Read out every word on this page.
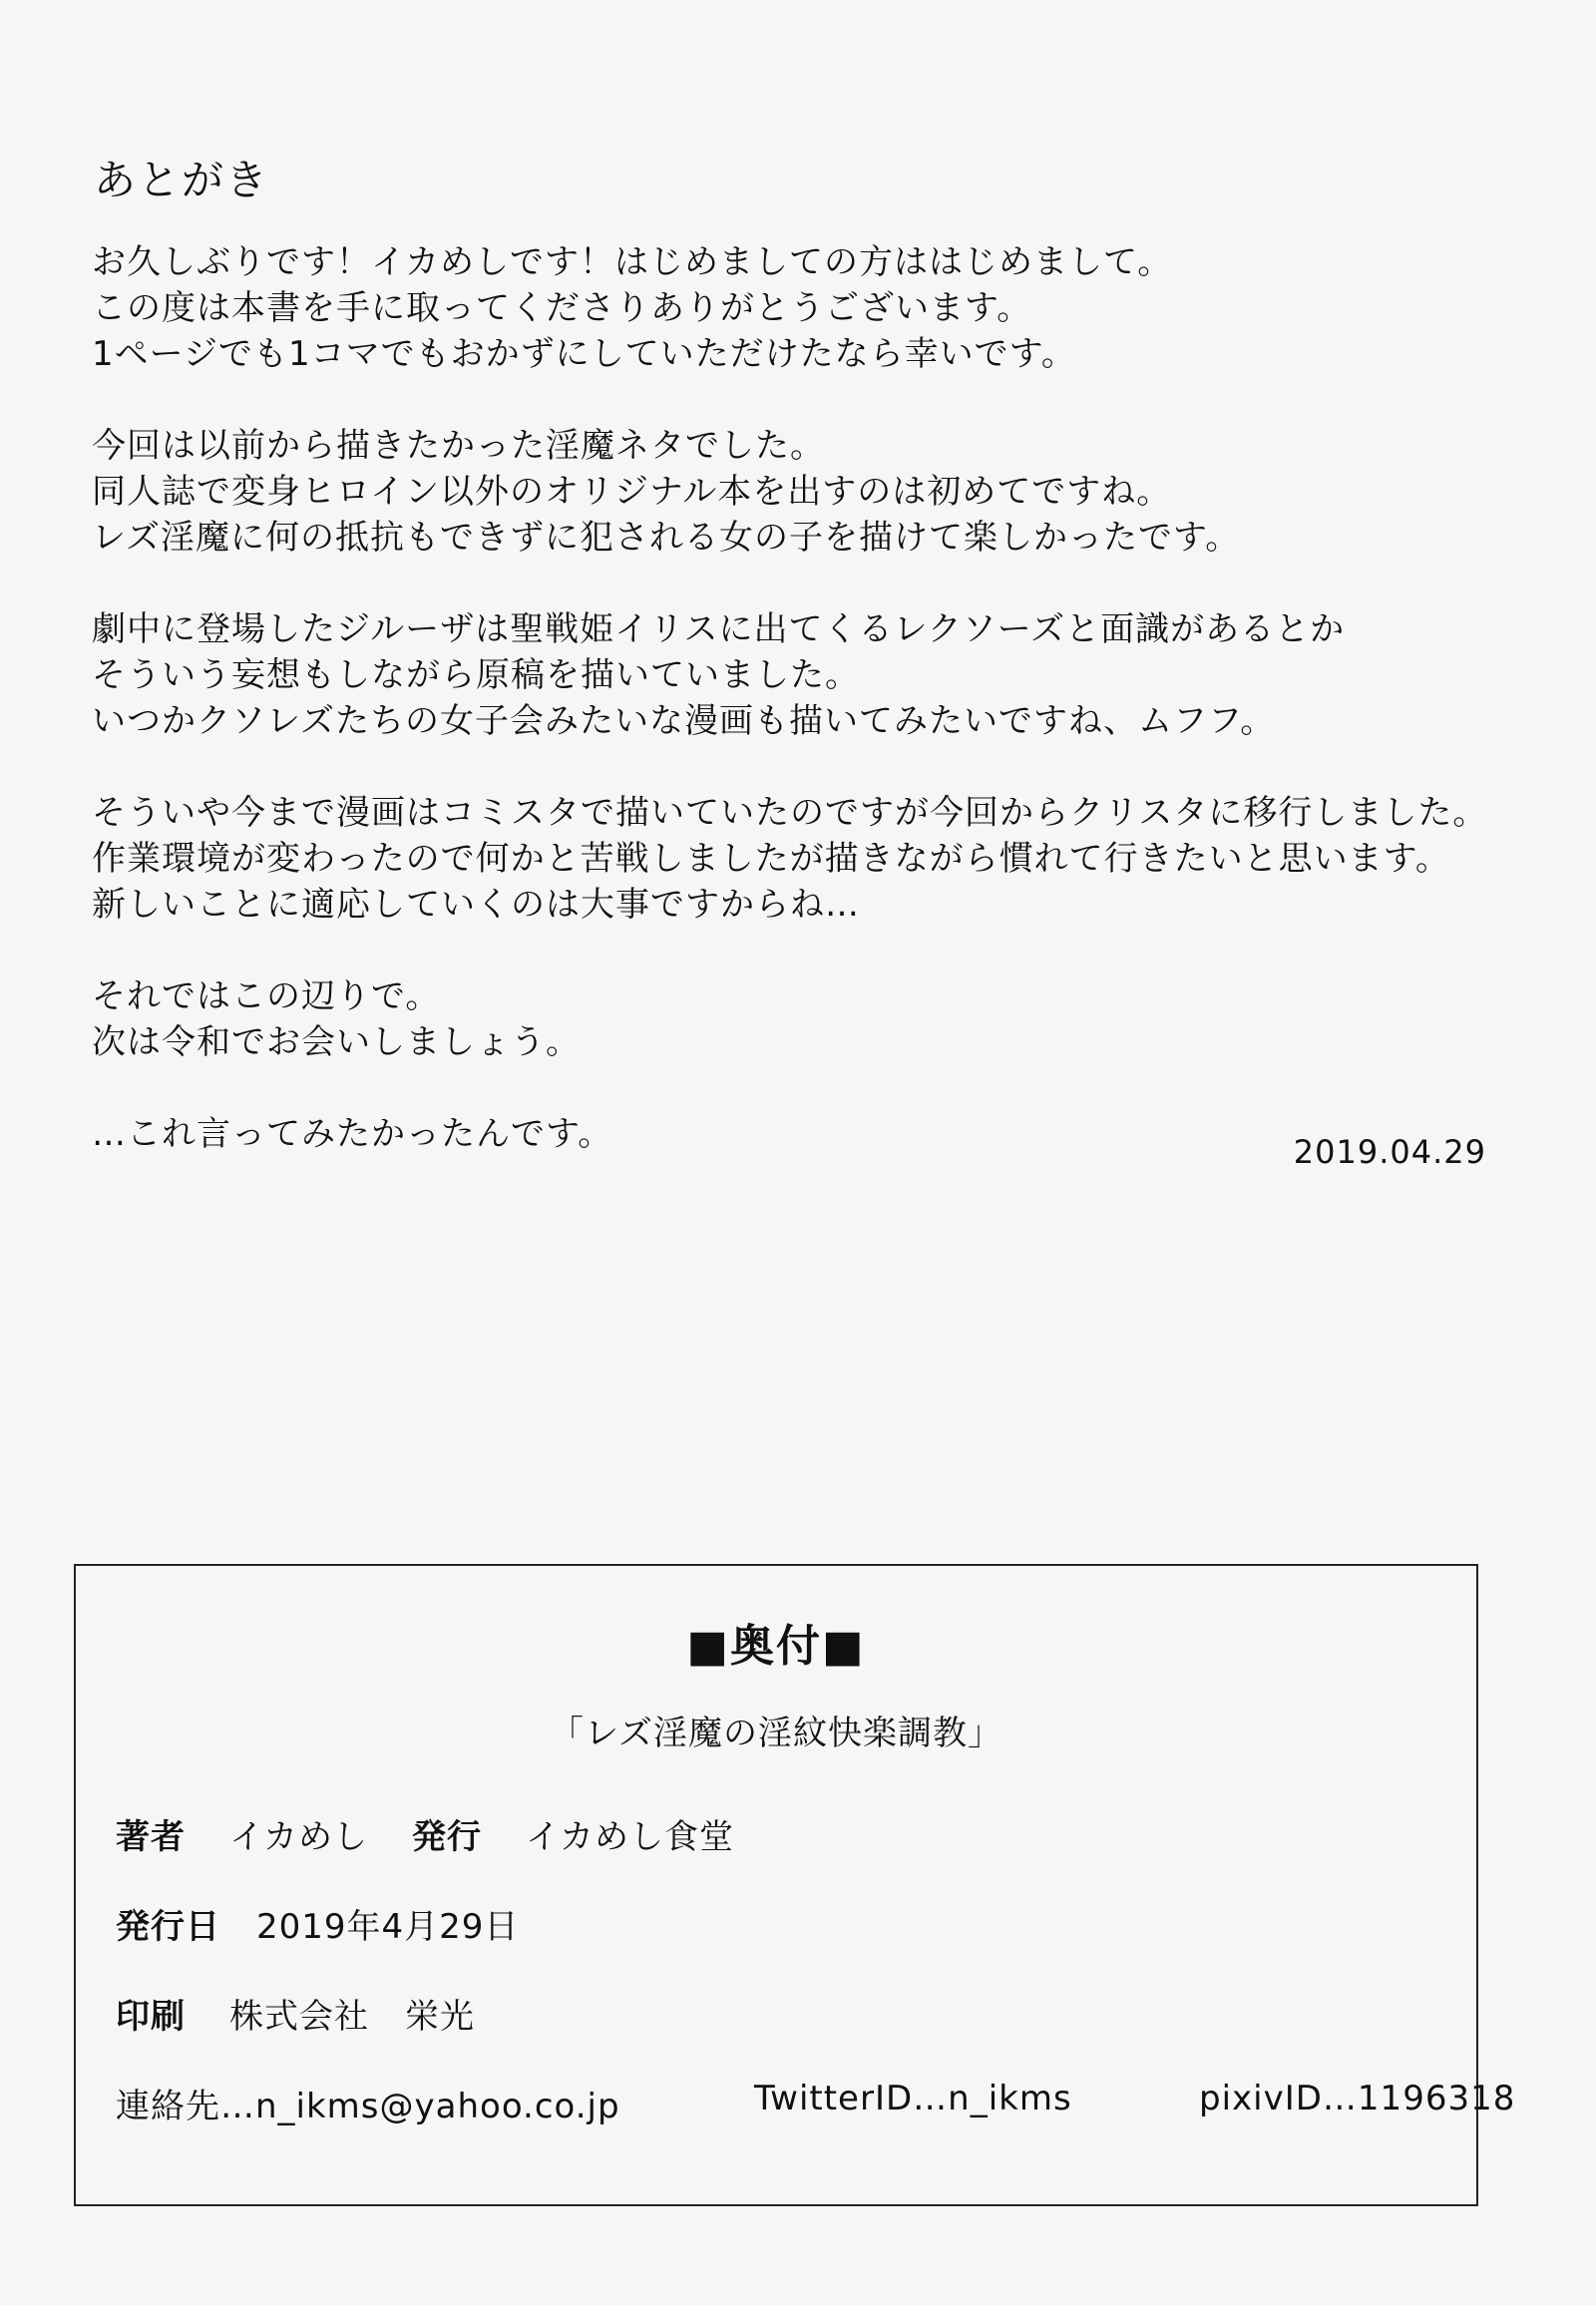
あとがき
お久しぶりです！イカめしです！はじめましての方ははじめまして。
この度は本書を手に取ってくださりありがとうございます。
1ページでも1コマでもおかずにしていただけたなら幸いです。
今回は以前から描きたかった淫魔ネタでした。
同人誌で変身ヒロイン以外のオリジナル本を出すのは初めてですね。
レズ淫魔に何の抵抗もできずに犯される女の子を描けて楽しかったです。
劇中に登場したジルーザは聖戦姫イリスに出てくるレクソーズと面識があるとか
そういう妄想もしながら原稿を描いていました。
いつかクソレズたちの女子会みたいな漫画も描いてみたいですね、ムフフ。
そういや今まで漫画はコミスタで描いていたのですが今回からクリスタに移行しました。
作業環境が変わったので何かと苦戦しましたが描きながら慣れて行きたいと思います。
新しいことに適応していくのは大事ですからね…
それではこの辺りで。
次は令和でお会いしましょう。
…これ言ってみたかったんです。	2019.04.29
■奥付■
「レズ淫魔の淫紋快楽調教」
著者 イカめし 発行 イカめし食堂
発行日 2019年4月29日
印刷 株式会社 栄光
連絡先…n_ikms@yahoo.co.jp	TwitterID…n_ikms	pixivID…1196318
